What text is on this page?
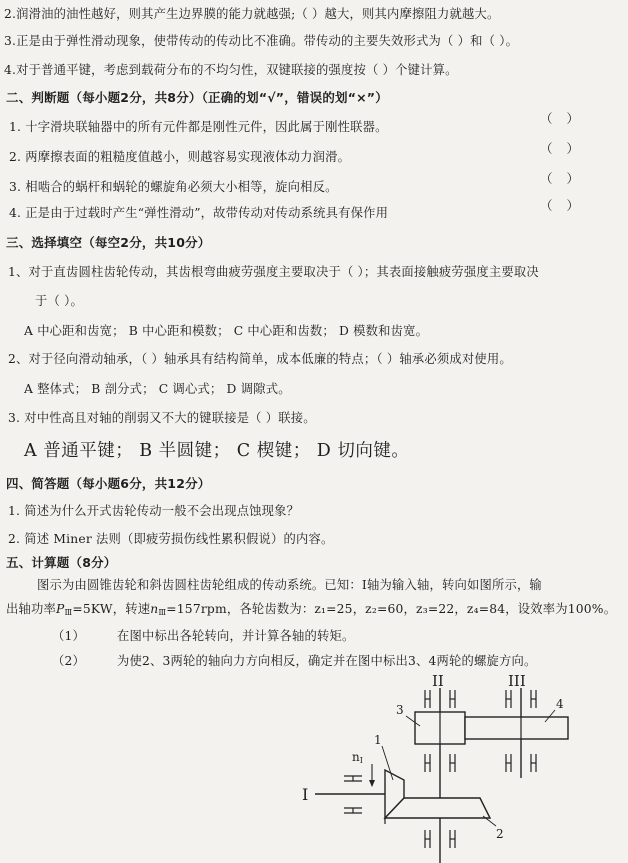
2.润滑油的油性越好，则其产生边界膜的能力就越强;（ ）越大，则其内摩擦阻力就越大。
3.正是由于弹性滑动现象，使带传动的传动比不准确。带传动的主要失效形式为（ ）和（ ）。
4.对于普通平键，考虑到载荷分布的不均匀性，双键联接的强度按（ ）个键计算。
二、判断题（每小题2分，共8分）（正确的划“√”，错误的划“×”）
1. 十字滑块联轴器中的所有元件都是刚性元件，因此属于刚性联器。
（ ）
2. 两摩擦表面的粗糙度值越小，则越容易实现液体动力润滑。
（ ）
3. 相啮合的蜗杆和蜗轮的螺旋角必须大小相等，旋向相反。
（ ）
4. 正是由于过载时产生“弹性滑动”，故带传动对传动系统具有保作用	（ ）
三、选择填空（每空2分，共10分）
1、对于直齿圆柱齿轮传动，其齿根弯曲疲劳强度主要取决于（ ）；其表面接触疲劳强度主要取决
于（ ）。
A 中心距和齿宽； B 中心距和模数； C 中心距和齿数； D 模数和齿宽。
2、对于径向滑动轴承，（ ）轴承具有结构简单，成本低廉的特点；（ ）轴承必须成对使用。
A 整体式； B 剖分式； C 调心式； D 调隙式。
3. 对中性高且对轴的削弱又不大的键联接是（ ）联接。
A 普通平键； B 半圆键； C 楔键； D 切向键。
四、简答题（每小题6分，共12分）
1. 简述为什么开式齿轮传动一般不会出现点蚀现象？
2. 简述 Miner 法则（即疲劳损伤线性累积假说）的内容。
五、计算题（8分）
图示为由圆锥齿轮和斜齿圆柱齿轮组成的传动系统。已知：Ⅰ轴为输入轴，转向如图所示，输
出轴功率$P_Ⅲ=5KW$，转速$n_Ⅲ=157rpm$，各轮齿数为：z₁=25，z₂=60，z₃=22，z₄=84，设效率为100%。
（1）	在图中标出各轮转向，并计算各轴的转矩。
（2）	为使2、3两轮的轴向力方向相反，确定并在图中标出3、4两轮的螺旋方向。
II	III
3	4
1
2
I
nI
